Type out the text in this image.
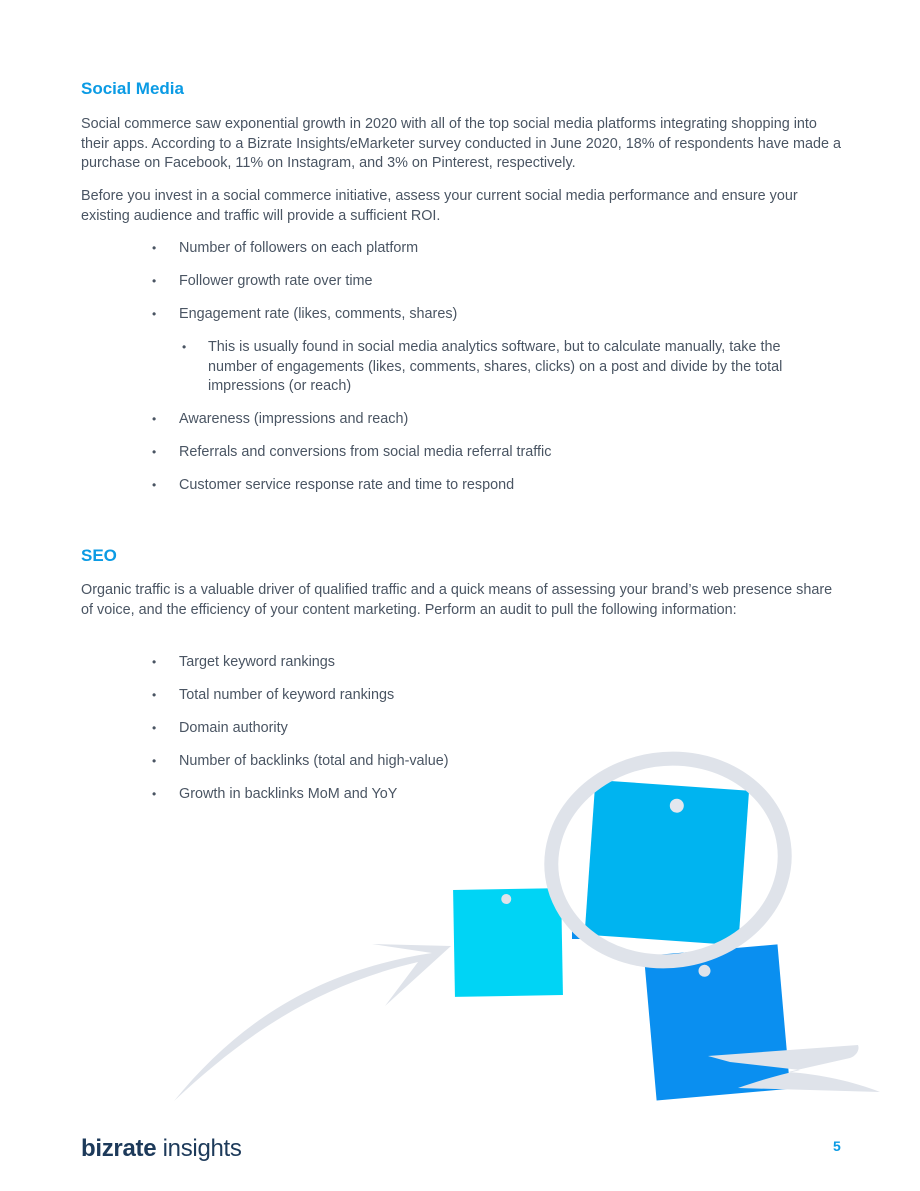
Social Media

Social commerce saw exponential growth in 2020 with all of the top social media platforms integrating shopping into their apps. According to a Bizrate Insights/eMarketer survey conducted in June 2020, 18% of respondents have made a purchase on Facebook, 11% on Instagram, and 3% on Pinterest, respectively.

Before you invest in a social commerce initiative, assess your current social media performance and ensure your existing audience and traffic will provide a sufficient ROI.

• Number of followers on each platform
• Follower growth rate over time
• Engagement rate (likes, comments, shares)
• This is usually found in social media analytics software, but to calculate manually, take the number of engagements (likes, comments, shares, clicks) on a post and divide by the total impressions (or reach)
• Awareness (impressions and reach)
• Referrals and conversions from social media referral traffic
• Customer service response rate and time to respond
SEO

Organic traffic is a valuable driver of qualified traffic and a quick means of assessing your brand’s web presence share of voice, and the efficiency of your content marketing. Perform an audit to pull the following information:

• Target keyword rankings
• Total number of keyword rankings
• Domain authority
• Number of backlinks (total and high-value)
• Growth in backlinks MoM and YoY
bizrate insights	5
